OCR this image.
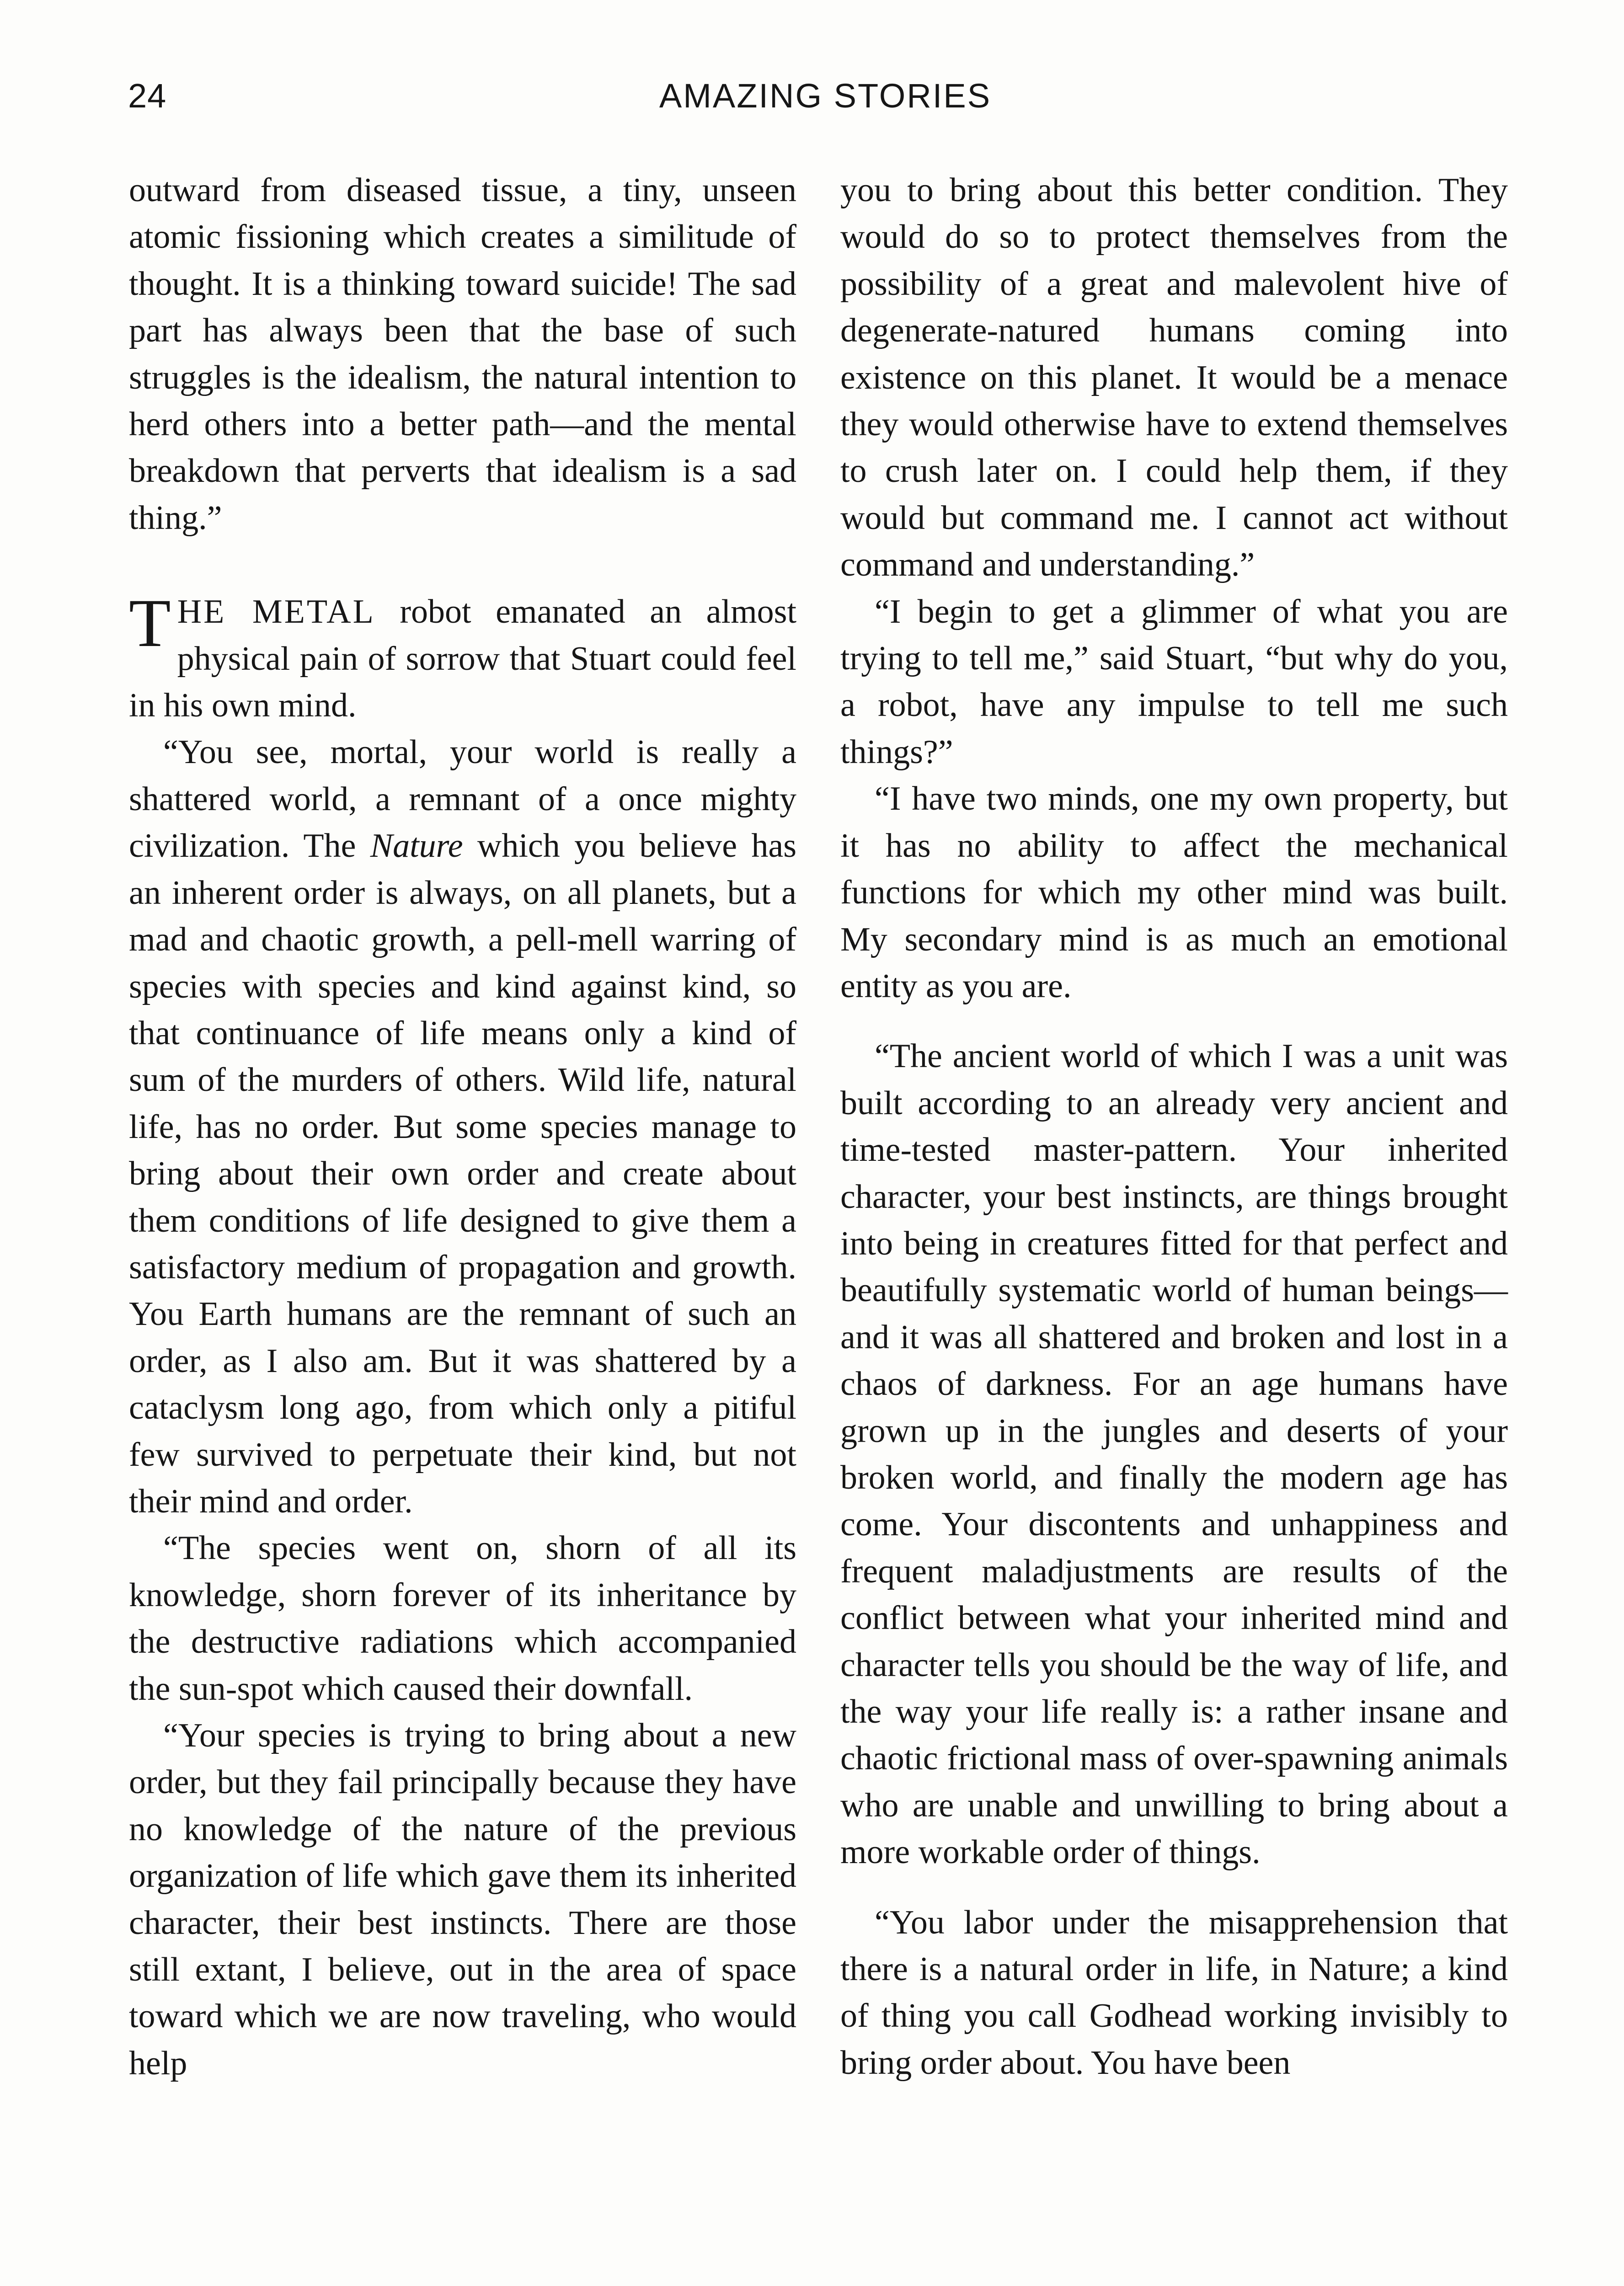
24	AMAZING STORIES

outward from diseased tissue, a tiny, unseen atomic fissioning which creates a similitude of thought. It is a thinking toward suicide! The sad part has always been that the base of such struggles is the idealism, the natural intention to herd others into a better path—and the mental breakdown that perverts that idealism is a sad thing.”

THE METAL robot emanated an almost physical pain of sorrow that Stuart could feel in his own mind.

“You see, mortal, your world is really a shattered world, a remnant of a once mighty civilization. The Nature which you believe has an inherent order is always, on all planets, but a mad and chaotic growth, a pell-mell warring of species with species and kind against kind, so that continuance of life means only a kind of sum of the murders of others. Wild life, natural life, has no order. But some species manage to bring about their own order and create about them conditions of life designed to give them a satisfactory medium of propagation and growth. You Earth humans are the remnant of such an order, as I also am. But it was shattered by a cataclysm long ago, from which only a pitiful few survived to perpetuate their kind, but not their mind and order.

“The species went on, shorn of all its knowledge, shorn forever of its inheritance by the destructive radiations which accompanied the sun-spot which caused their downfall.

“Your species is trying to bring about a new order, but they fail principally because they have no knowledge of the nature of the previous organization of life which gave them its inherited character, their best instincts. There are those still extant, I believe, out in the area of space toward which we are now traveling, who would help

you to bring about this better condition. They would do so to protect themselves from the possibility of a great and malevolent hive of degenerate-natured humans coming into existence on this planet. It would be a menace they would otherwise have to extend themselves to crush later on. I could help them, if they would but command me. I cannot act without command and understanding.”

“I begin to get a glimmer of what you are trying to tell me,” said Stuart, “but why do you, a robot, have any impulse to tell me such things?”

“I have two minds, one my own property, but it has no ability to affect the mechanical functions for which my other mind was built. My secondary mind is as much an emotional entity as you are.

“The ancient world of which I was a unit was built according to an already very ancient and time-tested master-pattern. Your inherited character, your best instincts, are things brought into being in creatures fitted for that perfect and beautifully systematic world of human beings—and it was all shattered and broken and lost in a chaos of darkness. For an age humans have grown up in the jungles and deserts of your broken world, and finally the modern age has come. Your discontents and unhappiness and frequent maladjustments are results of the conflict between what your inherited mind and character tells you should be the way of life, and the way your life really is: a rather insane and chaotic frictional mass of over-spawning animals who are unable and unwilling to bring about a more workable order of things.

“You labor under the misapprehension that there is a natural order in life, in Nature; a kind of thing you call Godhead working invisibly to bring order about. You have been
